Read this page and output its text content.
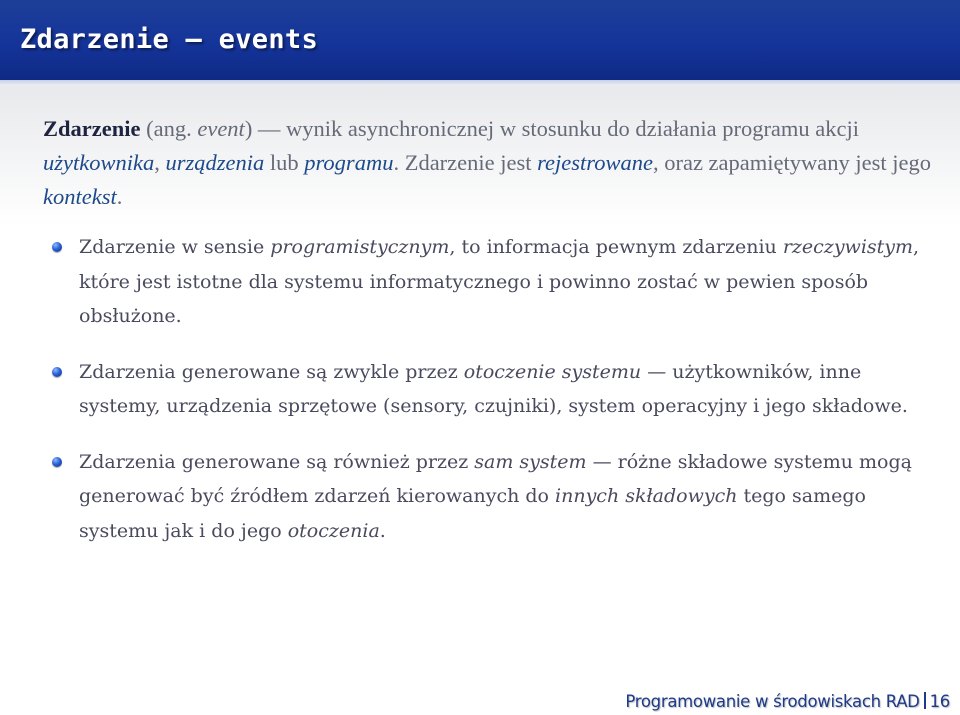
Zdarzenie — events

Zdarzenie (ang. event) — wynik asynchronicznej w stosunku do działania programu akcji użytkownika, urządzenia lub programu. Zdarzenie jest rejestrowane, oraz zapamiętywany jest jego kontekst.

Zdarzenie w sensie programistycznym, to informacja pewnym zdarzeniu rzeczywistym, które jest istotne dla systemu informatycznego i powinno zostać w pewien sposób obsłużone.
Zdarzenia generowane są zwykle przez otoczenie systemu — użytkowników, inne systemy, urządzenia sprzętowe (sensory, czujniki), system operacyjny i jego składowe.
Zdarzenia generowane są również przez sam system — różne składowe systemu mogą generować być źródłem zdarzeń kierowanych do innych składowych tego samego systemu jak i do jego otoczenia.
Programowanie w środowiskach RAD 16
